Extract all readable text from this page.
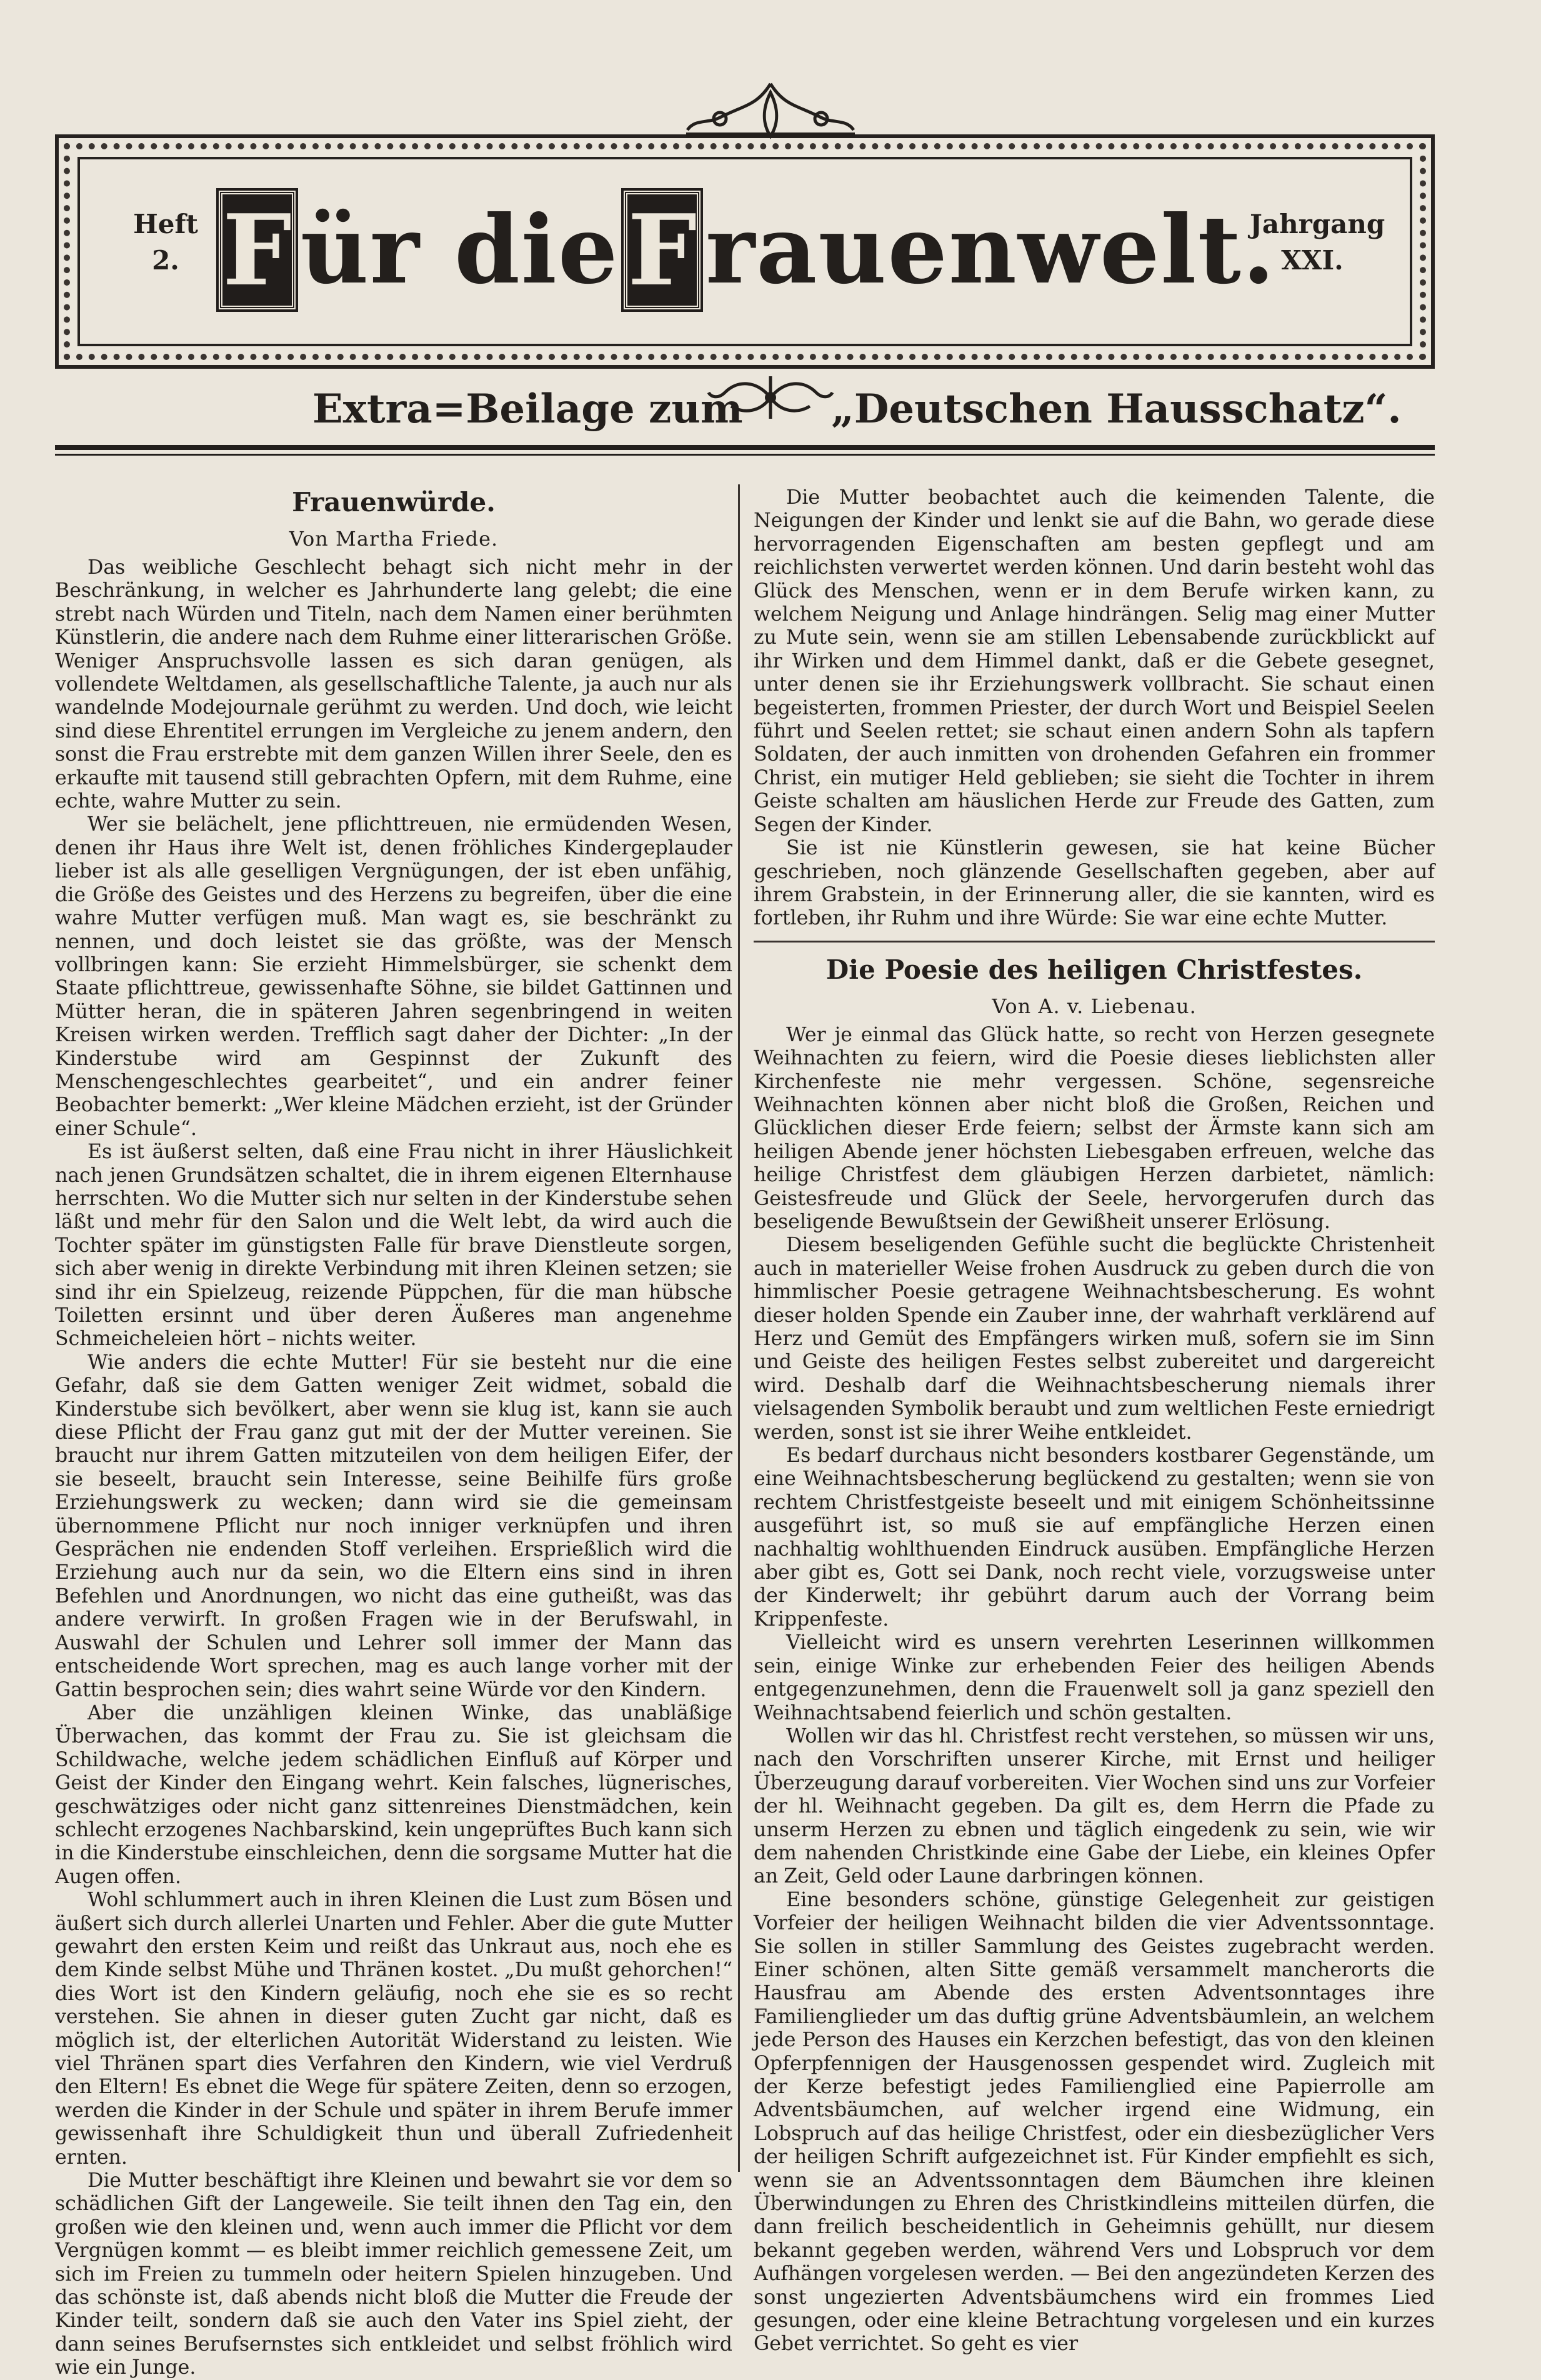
Heft
2. F ür die F rauenwelt.
Jahrgang
XXI.
Extra=Beilage zum „Deutschen Hausschatz“.
Frauenwürde.
Von Martha Friede.

Das weibliche Geschlecht behagt sich nicht mehr in der Beschränkung, in welcher es Jahrhunderte lang gelebt; die eine strebt nach Würden und Titeln, nach dem Namen einer berühmten Künstlerin, die andere nach dem Ruhme einer litterarischen Größe. Weniger Anspruchsvolle lassen es sich daran genügen, als vollendete Weltdamen, als gesellschaftliche Talente, ja auch nur als wandelnde Modejournale gerühmt zu werden. Und doch, wie leicht sind diese Ehrentitel errungen im Vergleiche zu jenem andern, den sonst die Frau erstrebte mit dem ganzen Willen ihrer Seele, den es erkaufte mit tausend still gebrachten Opfern, mit dem Ruhme, eine echte, wahre Mutter zu sein.

Wer sie belächelt, jene pflichttreuen, nie ermüdenden Wesen, denen ihr Haus ihre Welt ist, denen fröhliches Kindergeplauder lieber ist als alle geselligen Vergnügungen, der ist eben unfähig, die Größe des Geistes und des Herzens zu begreifen, über die eine wahre Mutter verfügen muß. Man wagt es, sie beschränkt zu nennen, und doch leistet sie das größte, was der Mensch vollbringen kann: Sie erzieht Himmelsbürger, sie schenkt dem Staate pflichttreue, gewissenhafte Söhne, sie bildet Gattinnen und Mütter heran, die in späteren Jahren segenbringend in weiten Kreisen wirken werden. Trefflich sagt daher der Dichter: „In der Kinderstube wird am Gespinnst der Zukunft des Menschengeschlechtes gearbeitet“, und ein andrer feiner Beobachter bemerkt: „Wer kleine Mädchen erzieht, ist der Gründer einer Schule“.

Es ist äußerst selten, daß eine Frau nicht in ihrer Häuslichkeit nach jenen Grundsätzen schaltet, die in ihrem eigenen Elternhause herrschten. Wo die Mutter sich nur selten in der Kinderstube sehen läßt und mehr für den Salon und die Welt lebt, da wird auch die Tochter später im günstigsten Falle für brave Dienstleute sorgen, sich aber wenig in direkte Verbindung mit ihren Kleinen setzen; sie sind ihr ein Spielzeug, reizende Püppchen, für die man hübsche Toiletten ersinnt und über deren Äußeres man angenehme Schmeicheleien hört – nichts weiter.

Wie anders die echte Mutter! Für sie besteht nur die eine Gefahr, daß sie dem Gatten weniger Zeit widmet, sobald die Kinderstube sich bevölkert, aber wenn sie klug ist, kann sie auch diese Pflicht der Frau ganz gut mit der der Mutter vereinen. Sie braucht nur ihrem Gatten mitzuteilen von dem heiligen Eifer, der sie beseelt, braucht sein Interesse, seine Beihilfe fürs große Erziehungswerk zu wecken; dann wird sie die gemeinsam übernommene Pflicht nur noch inniger verknüpfen und ihren Gesprächen nie endenden Stoff verleihen. Ersprießlich wird die Erziehung auch nur da sein, wo die Eltern eins sind in ihren Befehlen und Anordnungen, wo nicht das eine gutheißt, was das andere verwirft. In großen Fragen wie in der Berufswahl, in Auswahl der Schulen und Lehrer soll immer der Mann das entscheidende Wort sprechen, mag es auch lange vorher mit der Gattin besprochen sein; dies wahrt seine Würde vor den Kindern.

Aber die unzähligen kleinen Winke, das unabläßige Überwachen, das kommt der Frau zu. Sie ist gleichsam die Schildwache, welche jedem schädlichen Einfluß auf Körper und Geist der Kinder den Eingang wehrt. Kein falsches, lügnerisches, geschwätziges oder nicht ganz sittenreines Dienstmädchen, kein schlecht erzogenes Nachbarskind, kein ungeprüftes Buch kann sich in die Kinderstube einschleichen, denn die sorgsame Mutter hat die Augen offen.

Wohl schlummert auch in ihren Kleinen die Lust zum Bösen und äußert sich durch allerlei Unarten und Fehler. Aber die gute Mutter gewahrt den ersten Keim und reißt das Unkraut aus, noch ehe es dem Kinde selbst Mühe und Thränen kostet. „Du mußt gehorchen!“ dies Wort ist den Kindern geläufig, noch ehe sie es so recht verstehen. Sie ahnen in dieser guten Zucht gar nicht, daß es möglich ist, der elterlichen Autorität Widerstand zu leisten. Wie viel Thränen spart dies Verfahren den Kindern, wie viel Verdruß den Eltern! Es ebnet die Wege für spätere Zeiten, denn so erzogen, werden die Kinder in der Schule und später in ihrem Berufe immer gewissenhaft ihre Schuldigkeit thun und überall Zufriedenheit ernten.

Die Mutter beschäftigt ihre Kleinen und bewahrt sie vor dem so schädlichen Gift der Langeweile. Sie teilt ihnen den Tag ein, den großen wie den kleinen und, wenn auch immer die Pflicht vor dem Vergnügen kommt — es bleibt immer reichlich gemessene Zeit, um sich im Freien zu tummeln oder heitern Spielen hinzugeben. Und das schönste ist, daß abends nicht bloß die Mutter die Freude der Kinder teilt, sondern daß sie auch den Vater ins Spiel zieht, der dann seines Berufsernstes sich entkleidet und selbst fröhlich wird wie ein Junge.

Die Mutter beobachtet auch die keimenden Talente, die Neigungen der Kinder und lenkt sie auf die Bahn, wo gerade diese hervorragenden Eigenschaften am besten gepflegt und am reichlichsten verwertet werden können. Und darin besteht wohl das Glück des Menschen, wenn er in dem Berufe wirken kann, zu welchem Neigung und Anlage hindrängen. Selig mag einer Mutter zu Mute sein, wenn sie am stillen Lebensabende zurückblickt auf ihr Wirken und dem Himmel dankt, daß er die Gebete gesegnet, unter denen sie ihr Erziehungswerk vollbracht. Sie schaut einen begeisterten, frommen Priester, der durch Wort und Beispiel Seelen führt und Seelen rettet; sie schaut einen andern Sohn als tapfern Soldaten, der auch inmitten von drohenden Gefahren ein frommer Christ, ein mutiger Held geblieben; sie sieht die Tochter in ihrem Geiste schalten am häuslichen Herde zur Freude des Gatten, zum Segen der Kinder.

Sie ist nie Künstlerin gewesen, sie hat keine Bücher geschrieben, noch glänzende Gesellschaften gegeben, aber auf ihrem Grabstein, in der Erinnerung aller, die sie kannten, wird es fortleben, ihr Ruhm und ihre Würde: Sie war eine echte Mutter.

Die Poesie des heiligen Christfestes.
Von A. v. Liebenau.

Wer je einmal das Glück hatte, so recht von Herzen gesegnete Weihnachten zu feiern, wird die Poesie dieses lieblichsten aller Kirchenfeste nie mehr vergessen. Schöne, segensreiche Weihnachten können aber nicht bloß die Großen, Reichen und Glücklichen dieser Erde feiern; selbst der Ärmste kann sich am heiligen Abende jener höchsten Liebesgaben erfreuen, welche das heilige Christfest dem gläubigen Herzen darbietet, nämlich: Geistesfreude und Glück der Seele, hervorgerufen durch das beseligende Bewußtsein der Gewißheit unserer Erlösung.

Diesem beseligenden Gefühle sucht die beglückte Christenheit auch in materieller Weise frohen Ausdruck zu geben durch die von himmlischer Poesie getragene Weihnachtsbescherung. Es wohnt dieser holden Spende ein Zauber inne, der wahrhaft verklärend auf Herz und Gemüt des Empfängers wirken muß, sofern sie im Sinn und Geiste des heiligen Festes selbst zubereitet und dargereicht wird. Deshalb darf die Weihnachtsbescherung niemals ihrer vielsagenden Symbolik beraubt und zum weltlichen Feste erniedrigt werden, sonst ist sie ihrer Weihe entkleidet.

Es bedarf durchaus nicht besonders kostbarer Gegenstände, um eine Weihnachtsbescherung beglückend zu gestalten; wenn sie von rechtem Christfestgeiste beseelt und mit einigem Schönheitssinne ausgeführt ist, so muß sie auf empfängliche Herzen einen nachhaltig wohlthuenden Eindruck ausüben. Empfängliche Herzen aber gibt es, Gott sei Dank, noch recht viele, vorzugsweise unter der Kinderwelt; ihr gebührt darum auch der Vorrang beim Krippenfeste.

Vielleicht wird es unsern verehrten Leserinnen willkommen sein, einige Winke zur erhebenden Feier des heiligen Abends entgegenzunehmen, denn die Frauenwelt soll ja ganz speziell den Weihnachtsabend feierlich und schön gestalten.

Wollen wir das hl. Christfest recht verstehen, so müssen wir uns, nach den Vorschriften unserer Kirche, mit Ernst und heiliger Überzeugung darauf vorbereiten. Vier Wochen sind uns zur Vorfeier der hl. Weihnacht gegeben. Da gilt es, dem Herrn die Pfade zu unserm Herzen zu ebnen und täglich eingedenk zu sein, wie wir dem nahenden Christkinde eine Gabe der Liebe, ein kleines Opfer an Zeit, Geld oder Laune darbringen können.

Eine besonders schöne, günstige Gelegenheit zur geistigen Vorfeier der heiligen Weihnacht bilden die vier Adventssonntage. Sie sollen in stiller Sammlung des Geistes zugebracht werden. Einer schönen, alten Sitte gemäß versammelt mancherorts die Hausfrau am Abende des ersten Adventsonntages ihre Familienglieder um das duftig grüne Adventsbäumlein, an welchem jede Person des Hauses ein Kerzchen befestigt, das von den kleinen Opferpfennigen der Hausgenossen gespendet wird. Zugleich mit der Kerze befestigt jedes Familienglied eine Papierrolle am Adventsbäumchen, auf welcher irgend eine Widmung, ein Lobspruch auf das heilige Christfest, oder ein diesbezüglicher Vers der heiligen Schrift aufgezeichnet ist. Für Kinder empfiehlt es sich, wenn sie an Adventssonntagen dem Bäumchen ihre kleinen Überwindungen zu Ehren des Christkindleins mitteilen dürfen, die dann freilich bescheidentlich in Geheimnis gehüllt, nur diesem bekannt gegeben werden, während Vers und Lobspruch vor dem Aufhängen vorgelesen werden. — Bei den angezündeten Kerzen des sonst ungezierten Adventsbäumchens wird ein frommes Lied gesungen, oder eine kleine Betrachtung vorgelesen und ein kurzes Gebet verrichtet. So geht es vier
